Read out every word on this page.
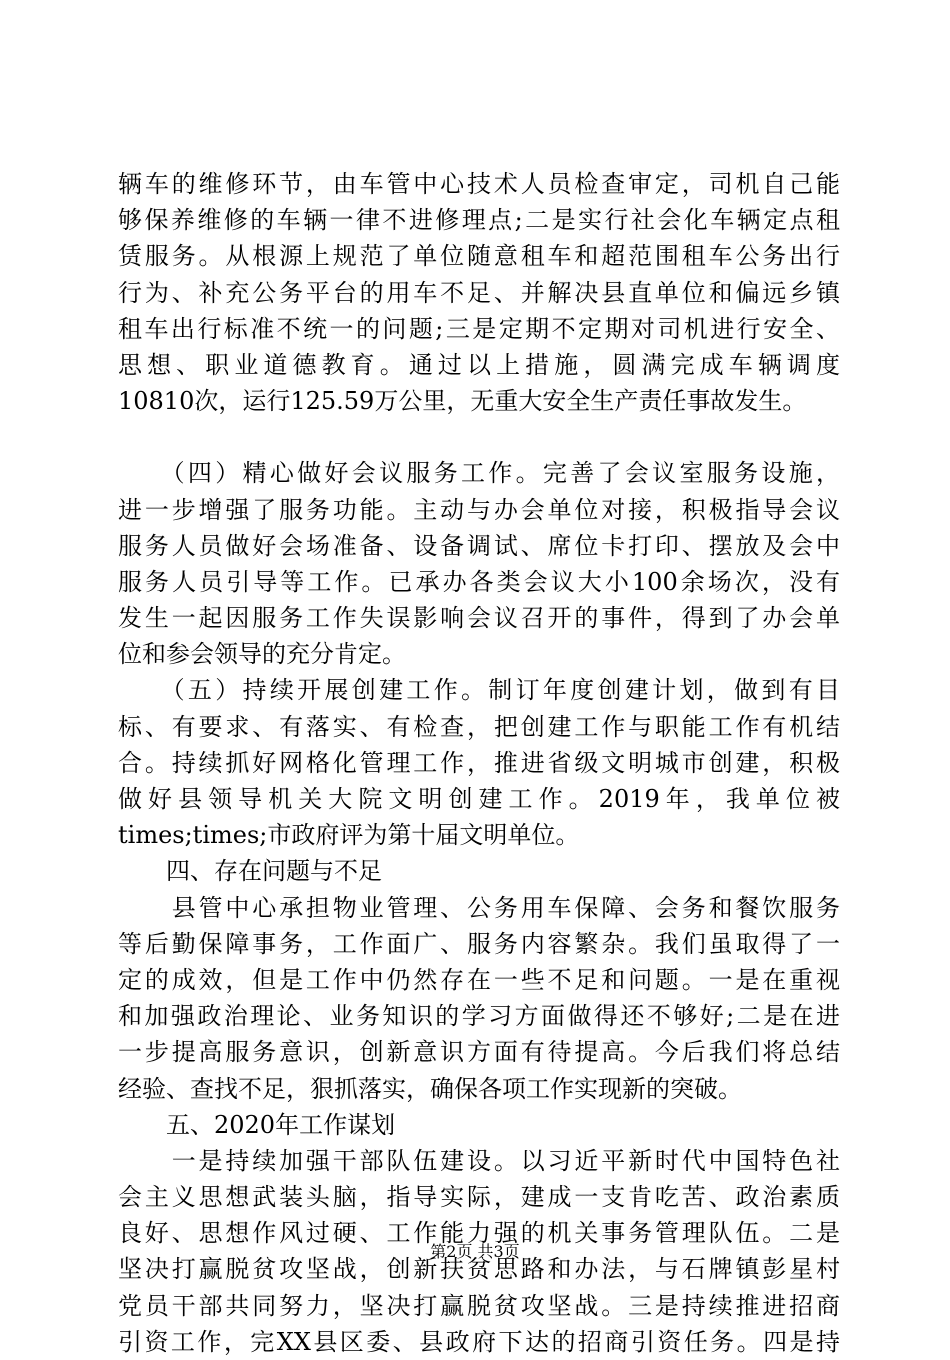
辆车的维修环节，由车管中心技术人员检查审定，司机自己能
够保养维修的车辆一律不进修理点;二是实行社会化车辆定点租
赁服务。从根源上规范了单位随意租车和超范围租车公务出行
行为、补充公务平台的用车不足、并解决县直单位和偏远乡镇
租车出行标准不统一的问题;三是定期不定期对司机进行安全、
思想、职业道德教育。通过以上措施，圆满完成车辆调度
10810次，运行125.59万公里，无重大安全生产责任事故发生。
　　（四）精心做好会议服务工作。完善了会议室服务设施，
进一步增强了服务功能。主动与办会单位对接，积极指导会议
服务人员做好会场准备、设备调试、席位卡打印、摆放及会中
服务人员引导等工作。已承办各类会议大小100余场次，没有
发生一起因服务工作失误影响会议召开的事件，得到了办会单
位和参会领导的充分肯定。
　　（五）持续开展创建工作。制订年度创建计划，做到有目
标、有要求、有落实、有检查，把创建工作与职能工作有机结
合。持续抓好网格化管理工作，推进省级文明城市创建，积极
做好县领导机关大院文明创建工作。2019年，我单位被
times;times;市政府评为第十届文明单位。
　　四、存在问题与不足
　　县管中心承担物业管理、公务用车保障、会务和餐饮服务
等后勤保障事务，工作面广、服务内容繁杂。我们虽取得了一
定的成效，但是工作中仍然存在一些不足和问题。一是在重视
和加强政治理论、业务知识的学习方面做得还不够好;二是在进
一步提高服务意识，创新意识方面有待提高。今后我们将总结
经验、查找不足，狠抓落实，确保各项工作实现新的突破。
　　五、2020年工作谋划
　　一是持续加强干部队伍建设。以习近平新时代中国特色社
会主义思想武装头脑，指导实际，建成一支肯吃苦、政治素质
良好、思想作风过硬、工作能力强的机关事务管理队伍。二是
坚决打赢脱贫攻坚战，创新扶贫思路和办法，与石牌镇彭星村
党员干部共同努力，坚决打赢脱贫攻坚战。三是持续推进招商
引资工作，完XX县区委、县政府下达的招商引资任务。四是持
第2页 共3页
